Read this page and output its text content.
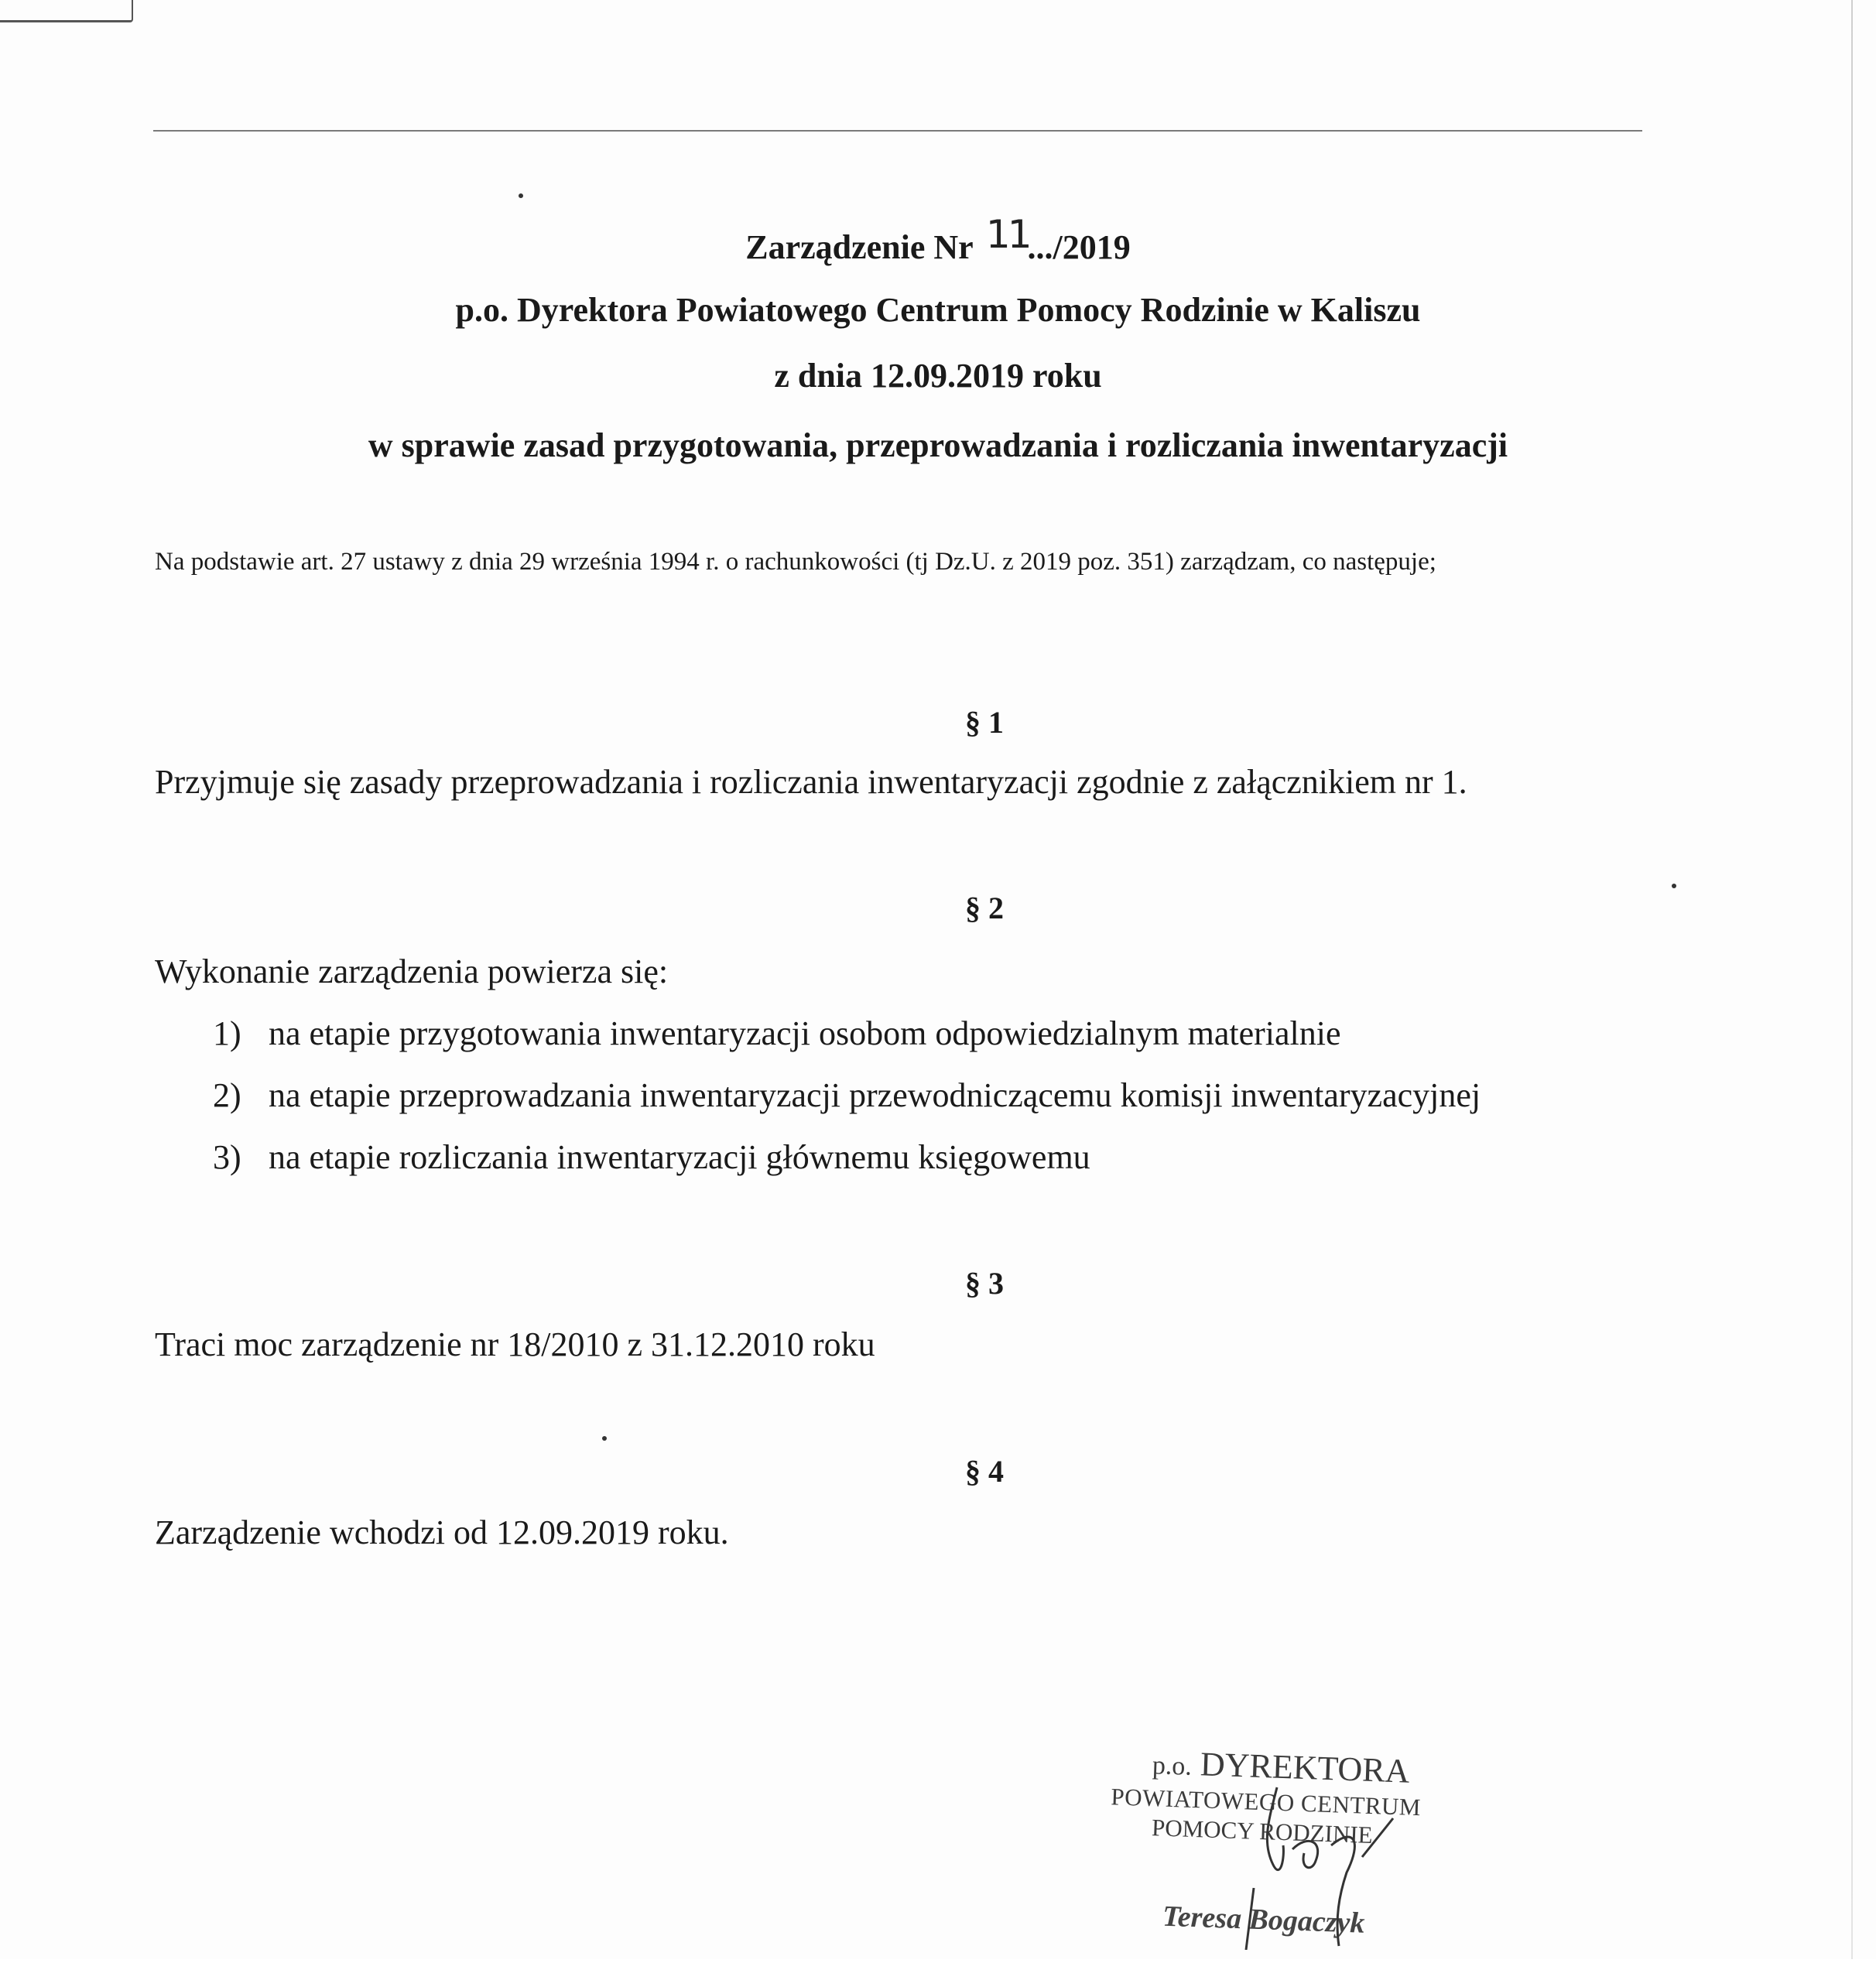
Zarządzenie Nr 11.../2019
p.o. Dyrektora Powiatowego Centrum Pomocy Rodzinie w Kaliszu
z dnia 12.09.2019 roku
w sprawie zasad przygotowania, przeprowadzania i rozliczania inwentaryzacji
Na podstawie art. 27 ustawy z dnia 29 września 1994 r. o rachunkowości (tj Dz.U. z 2019 poz. 351) zarządzam, co następuje;
§ 1
Przyjmuje się zasady przeprowadzania i rozliczania inwentaryzacji zgodnie z załącznikiem nr 1.
§ 2
Wykonanie zarządzenia powierza się:
1) na etapie przygotowania inwentaryzacji osobom odpowiedzialnym materialnie
2) na etapie przeprowadzania inwentaryzacji przewodniczącemu komisji inwentaryzacyjnej
3) na etapie rozliczania inwentaryzacji głównemu księgowemu
§ 3
Traci moc zarządzenie nr 18/2010 z 31.12.2010 roku
§ 4
Zarządzenie wchodzi od 12.09.2019 roku.
p.o. DYREKTORA
POWIATOWEGO CENTRUM
POMOCY RODZINIE
Teresa Bogaczyk
